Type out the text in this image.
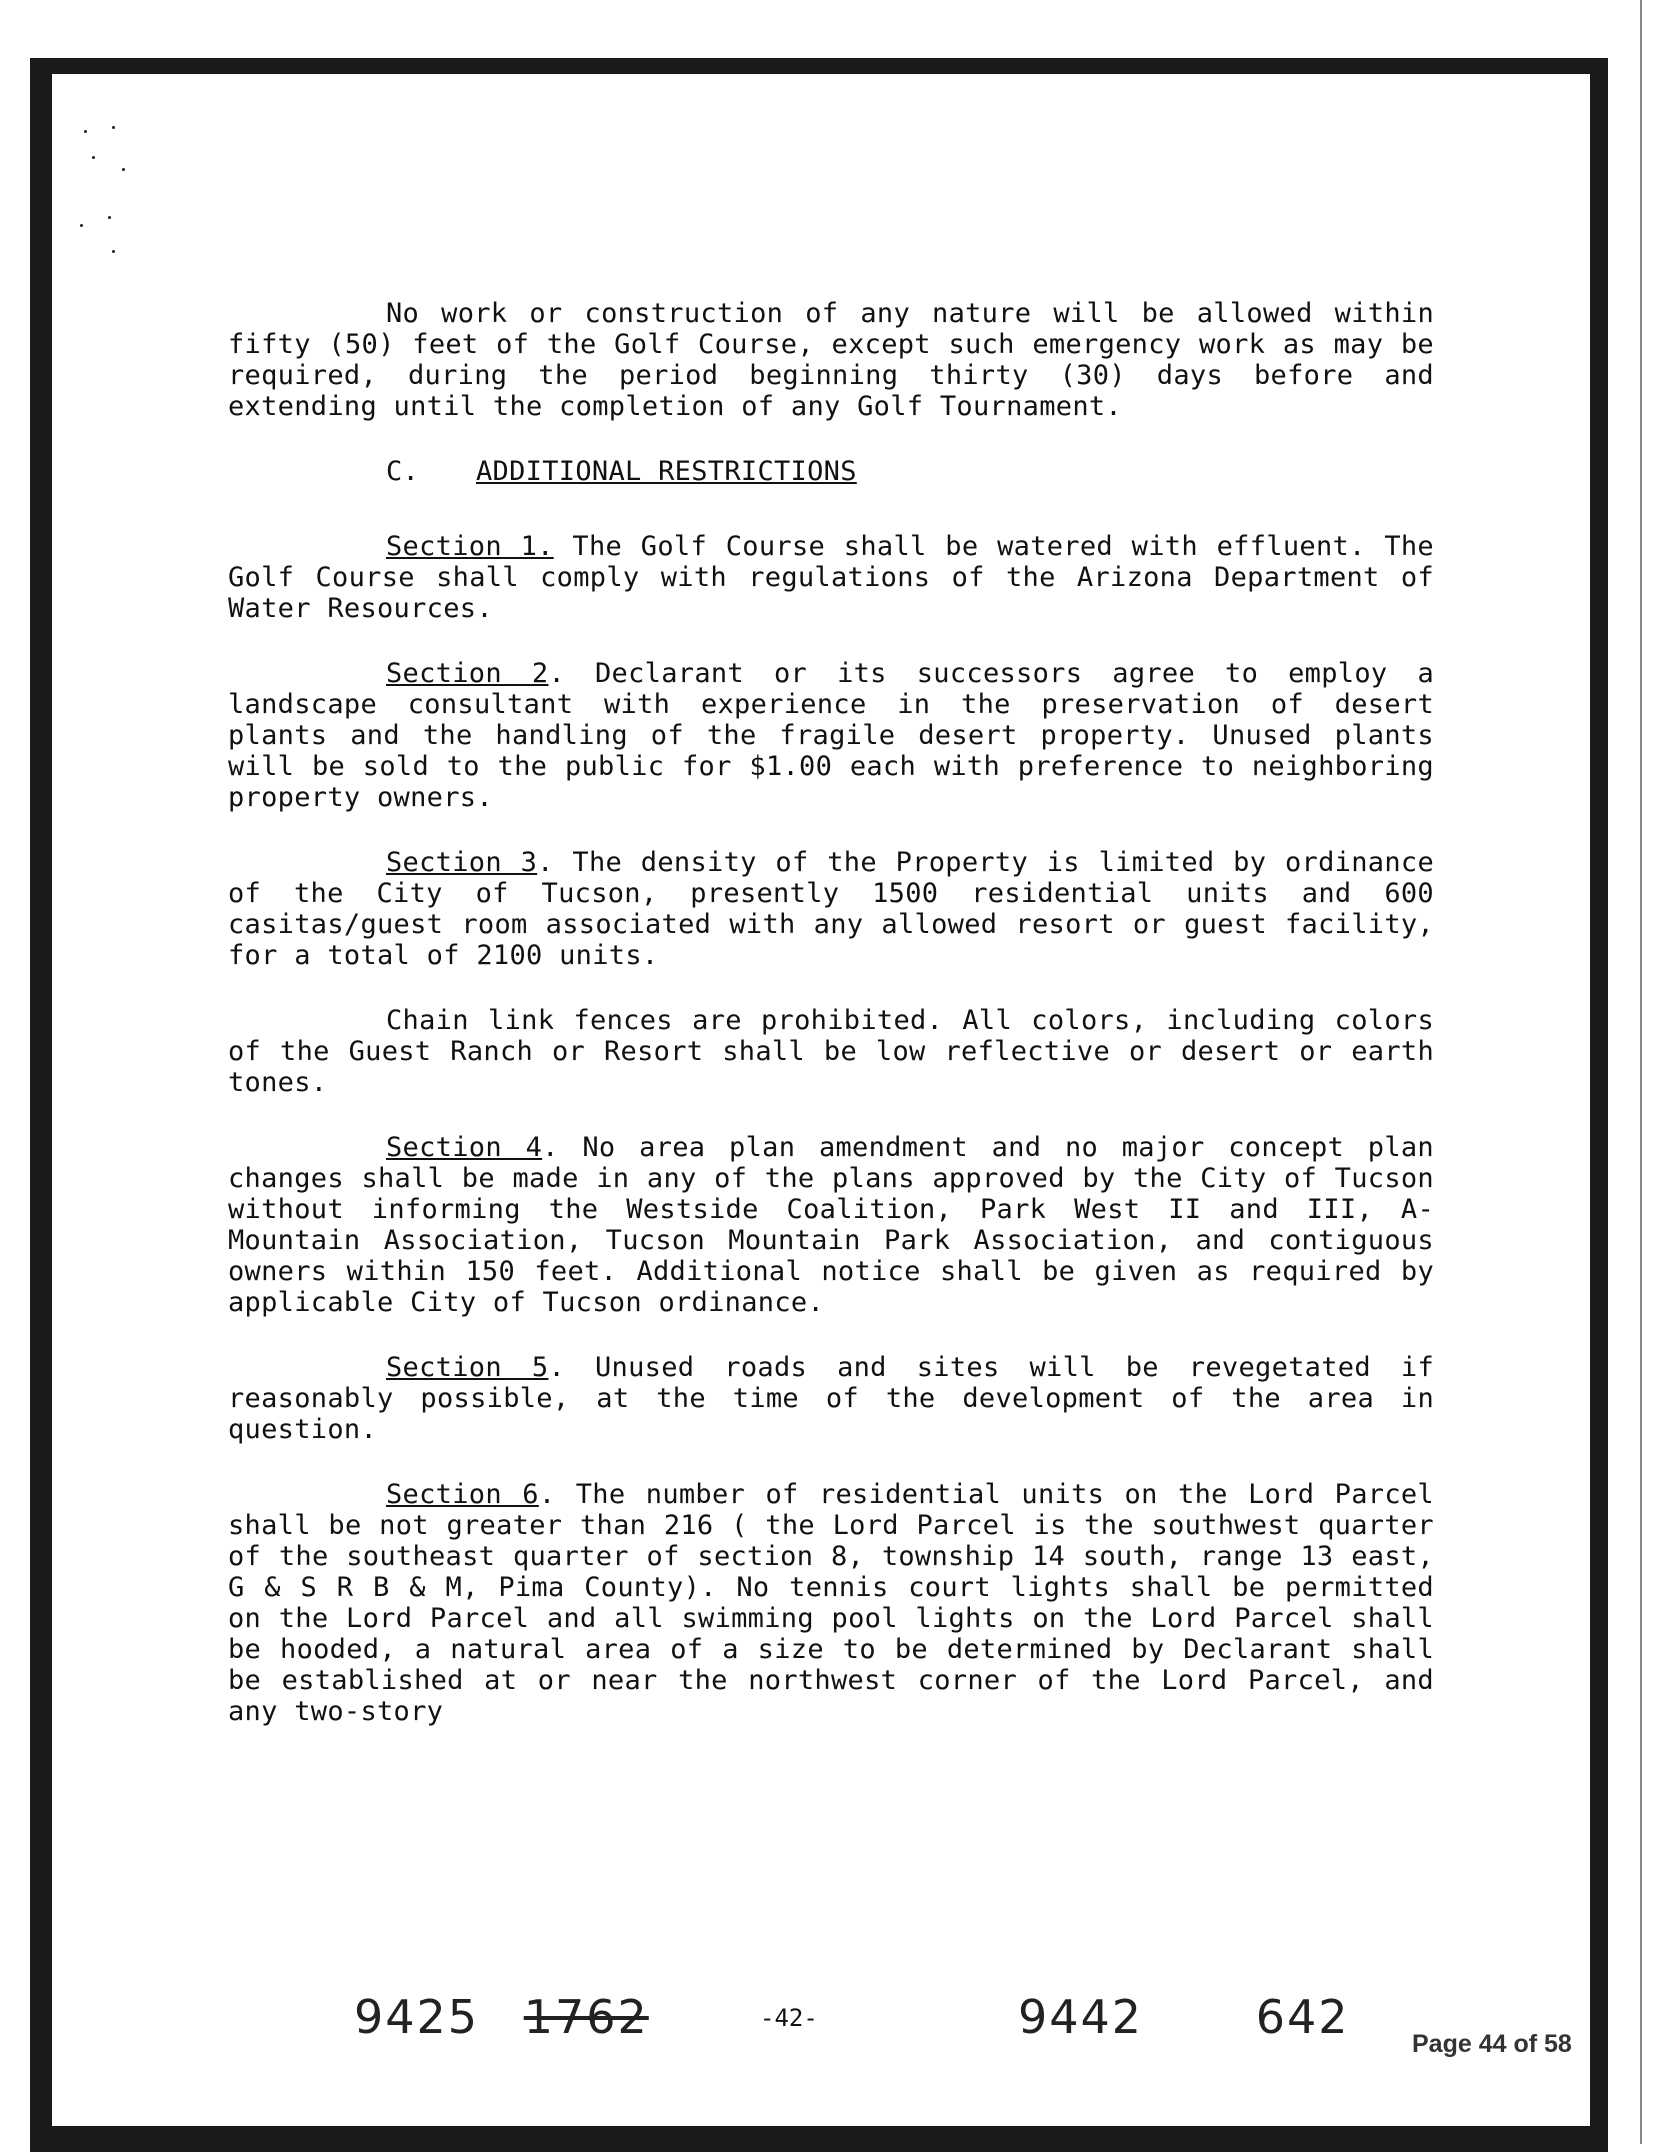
No work or construction of any nature will be allowed within fifty (50) feet of the Golf Course, except such emergency work as may be required, during the period beginning thirty (30) days before and extending until the completion of any Golf Tournament.

C. ADDITIONAL RESTRICTIONS

Section 1. The Golf Course shall be watered with effluent. The Golf Course shall comply with regulations of the Arizona Department of Water Resources.

Section 2. Declarant or its successors agree to employ a landscape consultant with experience in the preservation of desert plants and the handling of the fragile desert property. Unused plants will be sold to the public for $1.00 each with preference to neighboring property owners.

Section 3. The density of the Property is limited by ordinance of the City of Tucson, presently 1500 residential units and 600 casitas/guest room associated with any allowed resort or guest facility, for a total of 2100 units.

Chain link fences are prohibited. All colors, including colors of the Guest Ranch or Resort shall be low reflective or desert or earth tones.

Section 4. No area plan amendment and no major concept plan changes shall be made in any of the plans approved by the City of Tucson without informing the Westside Coalition, Park West II and III, A-Mountain Association, Tucson Mountain Park Association, and contiguous owners within 150 feet. Additional notice shall be given as required by applicable City of Tucson ordinance.

Section 5. Unused roads and sites will be revegetated if reasonably possible, at the time of the development of the area in question.

Section 6. The number of residential units on the Lord Parcel shall be not greater than 216 ( the Lord Parcel is the southwest quarter of the southeast quarter of section 8, township 14 south, range 13 east, G & S R B & M, Pima County). No tennis court lights shall be permitted on the Lord Parcel and all swimming pool lights on the Lord Parcel shall be hooded, a natural area of a size to be determined by Declarant shall be established at or near the northwest corner of the Lord Parcel, and any two-story

9425 1762	-42-	9442 642 Page 44 of 58
